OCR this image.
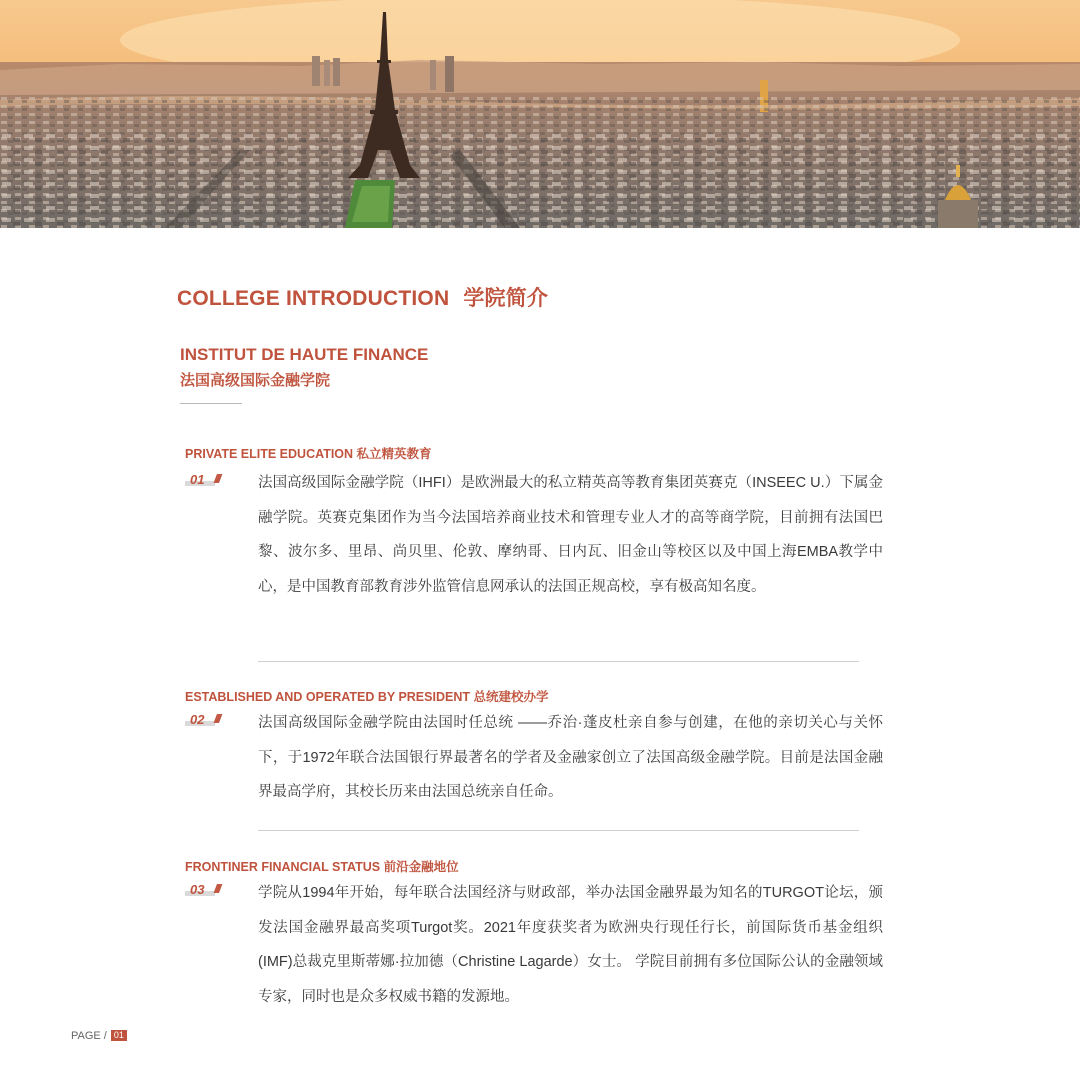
COLLEGE INTRODUCTION 学院简介
INSTITUT DE HAUTE FINANCE
法国高级国际金融学院
PRIVATE ELITE EDUCATION 私立精英教育
01 ////	法国高级国际金融学院（IHFI）是欧洲最大的私立精英高等教育集团英赛克（INSEEC U.）下属金融学院。英赛克集团作为当今法国培养商业技术和管理专业人才的高等商学院，目前拥有法国巴黎、波尔多、里昂、尚贝里、伦敦、摩纳哥、日内瓦、旧金山等校区以及中国上海EMBA教学中心，是中国教育部教育涉外监管信息网承认的法国正规高校，享有极高知名度。

ESTABLISHED AND OPERATED BY PRESIDENT 总统建校办学
02 ////	法国高级国际金融学院由法国时任总统 ——乔治·蓬皮杜亲自参与创建，在他的亲切关心与关怀下，于1972年联合法国银行界最著名的学者及金融家创立了法国高级金融学院。目前是法国金融界最高学府，其校长历来由法国总统亲自任命。

FRONTINER FINANCIAL STATUS 前沿金融地位
03 ////	学院从1994年开始，每年联合法国经济与财政部，举办法国金融界最为知名的TURGOT论坛，颁发法国金融界最高奖项Turgot奖。2021年度获奖者为欧洲央行现任行长，前国际货币基金组织(IMF)总裁克里斯蒂娜·拉加德（Christine Lagarde）女士。 学院目前拥有多位国际公认的金融领域专家，同时也是众多权威书籍的发源地。

PAGE / 01
